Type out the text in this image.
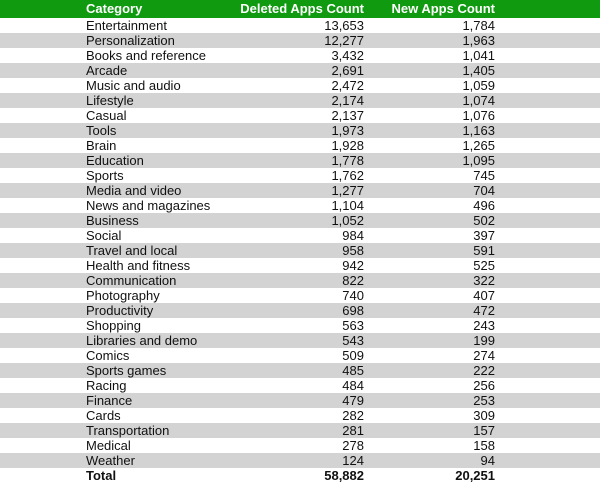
Category	Deleted Apps Count	New Apps Count
Entertainment	13,653	1,784
Personalization	12,277	1,963
Books and reference	3,432	1,041
Arcade	2,691	1,405
Music and audio	2,472	1,059
Lifestyle	2,174	1,074
Casual	2,137	1,076
Tools	1,973	1,163
Brain	1,928	1,265
Education	1,778	1,095
Sports	1,762	745
Media and video	1,277	704
News and magazines	1,104	496
Business	1,052	502
Social	984	397
Travel and local	958	591
Health and fitness	942	525
Communication	822	322
Photography	740	407
Productivity	698	472
Shopping	563	243
Libraries and demo	543	199
Comics	509	274
Sports games	485	222
Racing	484	256
Finance	479	253
Cards	282	309
Transportation	281	157
Medical	278	158
Weather	124	94
Total	58,882	20,251
